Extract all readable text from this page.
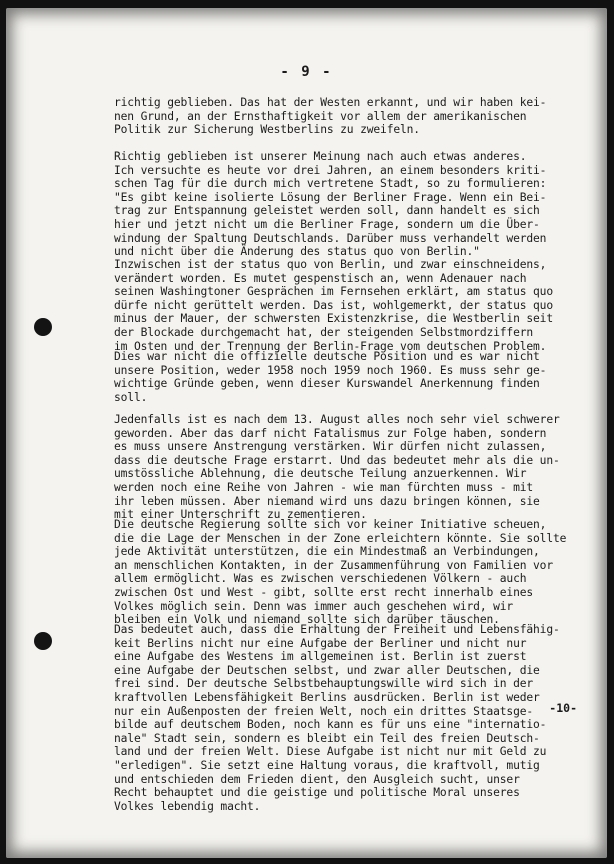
- 9 -

richtig geblieben. Das hat der Westen erkannt, und wir haben kei-
nen Grund, an der Ernsthaftigkeit vor allem der amerikanischen
Politik zur Sicherung Westberlins zu zweifeln.

Richtig geblieben ist unserer Meinung nach auch etwas anderes.
Ich versuchte es heute vor drei Jahren, an einem besonders kriti-
schen Tag für die durch mich vertretene Stadt, so zu formulieren:
"Es gibt keine isolierte Lösung der Berliner Frage. Wenn ein Bei-
trag zur Entspannung geleistet werden soll, dann handelt es sich
hier und jetzt nicht um die Berliner Frage, sondern um die Über-
windung der Spaltung Deutschlands. Darüber muss verhandelt werden
und nicht über die Änderung des status quo von Berlin."

Inzwischen ist der status quo von Berlin, und zwar einschneidens,
verändert worden. Es mutet gespenstisch an, wenn Adenauer nach
seinen Washingtoner Gesprächen im Fernsehen erklärt, am status quo
dürfe nicht gerüttelt werden. Das ist, wohlgemerkt, der status quo
minus der Mauer, der schwersten Existenzkrise, die Westberlin seit
der Blockade durchgemacht hat, der steigenden Selbstmordziffern
im Osten und der Trennung der Berlin-Frage vom deutschen Problem.

Dies war nicht die offizielle deutsche Position und es war nicht
unsere Position, weder 1958 noch 1959 noch 1960. Es muss sehr ge-
wichtige Gründe geben, wenn dieser Kurswandel Anerkennung finden
soll.

Jedenfalls ist es nach dem 13. August alles noch sehr viel schwerer
geworden. Aber das darf nicht Fatalismus zur Folge haben, sondern
es muss unsere Anstrengung verstärken. Wir dürfen nicht zulassen,
dass die deutsche Frage erstarrt. Und das bedeutet mehr als die un-
umstössliche Ablehnung, die deutsche Teilung anzuerkennen. Wir
werden noch eine Reihe von Jahren - wie man fürchten muss - mit
ihr leben müssen. Aber niemand wird uns dazu bringen können, sie
mit einer Unterschrift zu zementieren.

Die deutsche Regierung sollte sich vor keiner Initiative scheuen,
die die Lage der Menschen in der Zone erleichtern könnte. Sie sollte
jede Aktivität unterstützen, die ein Mindestmaß an Verbindungen,
an menschlichen Kontakten, in der Zusammenführung von Familien vor
allem ermöglicht. Was es zwischen verschiedenen Völkern - auch
zwischen Ost und West - gibt, sollte erst recht innerhalb eines
Volkes möglich sein. Denn was immer auch geschehen wird, wir
bleiben ein Volk und niemand sollte sich darüber täuschen.

Das bedeutet auch, dass die Erhaltung der Freiheit und Lebensfähig-
keit Berlins nicht nur eine Aufgabe der Berliner und nicht nur
eine Aufgabe des Westens im allgemeinen ist. Berlin ist zuerst
eine Aufgabe der Deutschen selbst, und zwar aller Deutschen, die
frei sind. Der deutsche Selbstbehauptungswille wird sich in der
kraftvollen Lebensfähigkeit Berlins ausdrücken. Berlin ist weder
nur ein Außenposten der freien Welt, noch ein drittes Staatsge-
bilde auf deutschem Boden, noch kann es für uns eine "internatio-
nale" Stadt sein, sondern es bleibt ein Teil des freien Deutsch-
land und der freien Welt. Diese Aufgabe ist nicht nur mit Geld zu
"erledigen". Sie setzt eine Haltung voraus, die kraftvoll, mutig
und entschieden dem Frieden dient, den Ausgleich sucht, unser
Recht behauptet und die geistige und politische Moral unseres
Volkes lebendig macht.

-10-
